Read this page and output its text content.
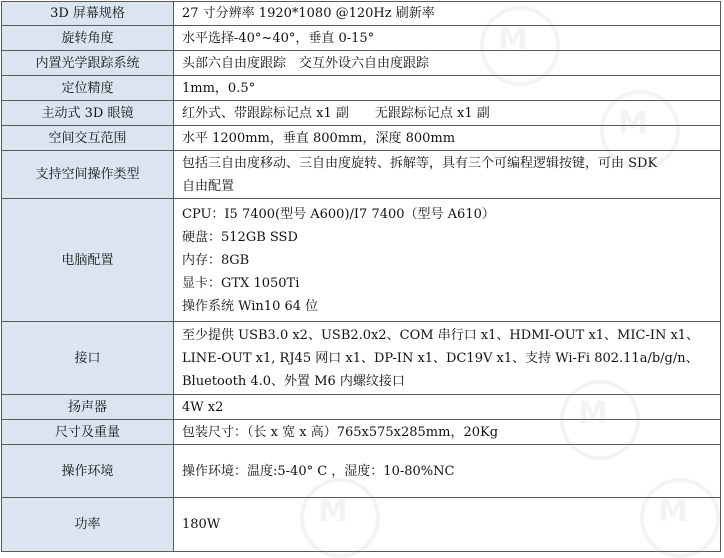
3D 屏幕规格	27 寸分辨率 1920*1080 @120Hz 刷新率

旋转角度	水平选择-40°~40°，垂直 0-15°

内置光学跟踪系统	头部六自由度跟踪　交互外设六自由度跟踪

定位精度	1mm，0.5°

主动式 3D 眼镜	红外式、带跟踪标记点 x1 副　　无跟踪标记点 x1 副

空间交互范围	水平 1200mm，垂直 800mm，深度 800mm

支持空间操作类型	包括三自由度移动、三自由度旋转、拆解等，具有三个可编程逻辑按键，可由 SDK
自由配置

电脑配置	CPU：I5 7400(型号 A600)/I7 7400（型号 A610）
硬盘：512GB SSD
内存：8GB
显卡：GTX 1050Ti
操作系统 Win10 64 位

接口	至少提供 USB3.0 x2、USB2.0x2、COM 串行口 x1、HDMI-OUT x1、MIC-IN x1、
LINE-OUT x1, RJ45 网口 x1、DP-IN x1、DC19V x1、支持 Wi-Fi 802.11a/b/g/n、
Bluetooth 4.0、外置 M6 内螺纹接口

扬声器	4W x2

尺寸及重量	包装尺寸：（长 x 宽 x 高）765x575x285mm，20Kg

操作环境	操作环境：温度:5-40° C ，湿度：10-80%NC

功率	180W
M
M
M
M	M
